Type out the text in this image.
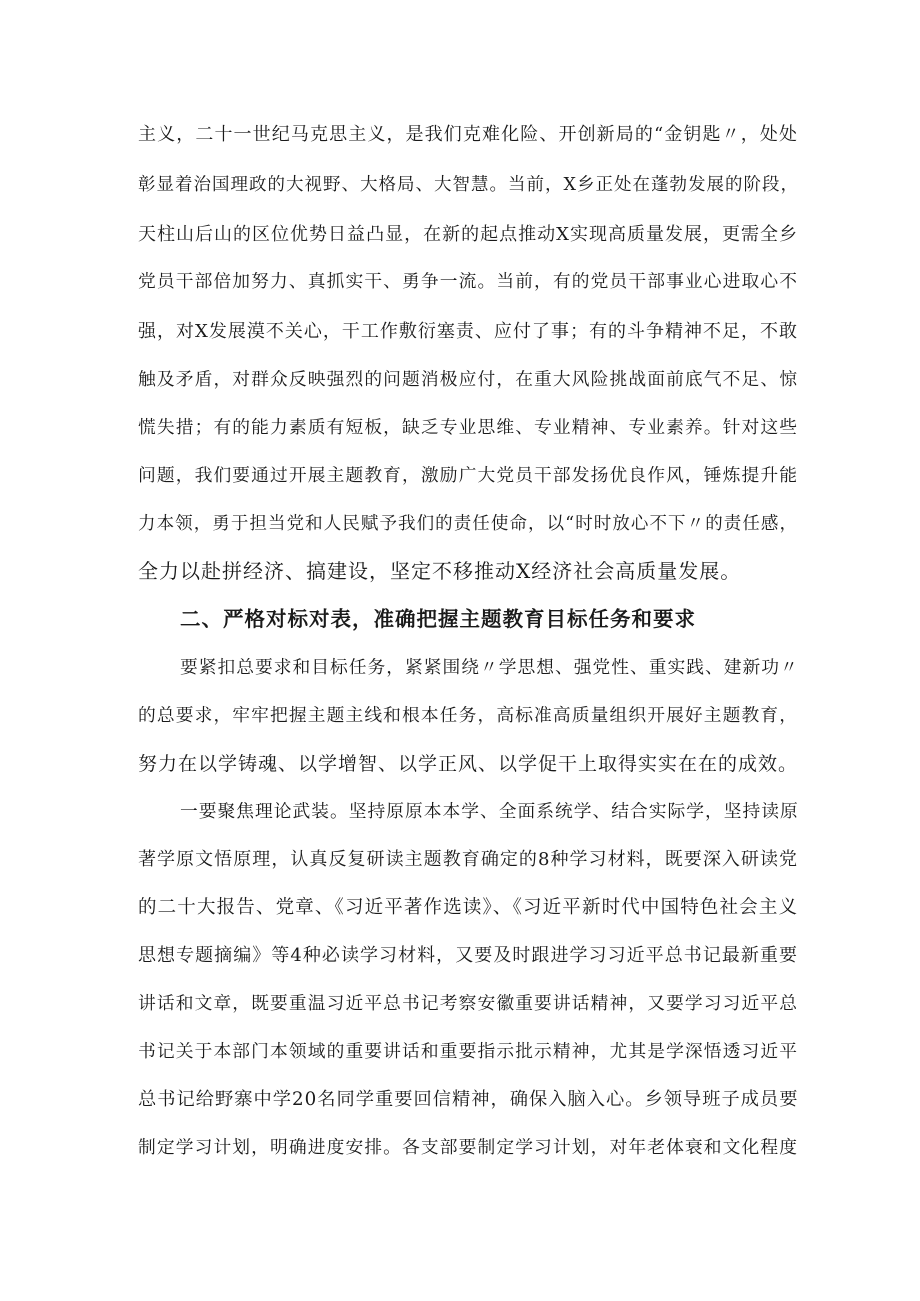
主义，二十一世纪马克思主义，是我们克难化险、开创新局的“金钥匙〃，处处
彰显着治国理政的大视野、大格局、大智慧。当前，X乡正处在蓬勃发展的阶段，
天柱山后山的区位优势日益凸显，在新的起点推动X实现高质量发展，更需全乡
党员干部倍加努力、真抓实干、勇争一流。当前，有的党员干部事业心进取心不
强，对X发展漠不关心，干工作敷衍塞责、应付了事；有的斗争精神不足，不敢
触及矛盾，对群众反映强烈的问题消极应付，在重大风险挑战面前底气不足、惊
慌失措；有的能力素质有短板，缺乏专业思维、专业精神、专业素养。针对这些
问题，我们要通过开展主题教育，激励广大党员干部发扬优良作风，锤炼提升能
力本领，勇于担当党和人民赋予我们的责任使命，以“时时放心不下〃的责任感，
全力以赴拼经济、搞建设，坚定不移推动X经济社会高质量发展。
二、严格对标对表，准确把握主题教育目标任务和要求
要紧扣总要求和目标任务，紧紧围绕〃学思想、强党性、重实践、建新功〃
的总要求，牢牢把握主题主线和根本任务，高标准高质量组织开展好主题教育，
努力在以学铸魂、以学增智、以学正风、以学促干上取得实实在在的成效。
一要聚焦理论武装。坚持原原本本学、全面系统学、结合实际学，坚持读原
著学原文悟原理，认真反复研读主题教育确定的8种学习材料，既要深入研读党
的二十大报告、党章、《习近平著作选读》、《习近平新时代中国特色社会主义
思想专题摘编》等4种必读学习材料，又要及时跟进学习习近平总书记最新重要
讲话和文章，既要重温习近平总书记考察安徽重要讲话精神，又要学习习近平总
书记关于本部门本领域的重要讲话和重要指示批示精神，尤其是学深悟透习近平
总书记给野寨中学20名同学重要回信精神，确保入脑入心。乡领导班子成员要
制定学习计划，明确进度安排。各支部要制定学习计划，对年老体衰和文化程度
